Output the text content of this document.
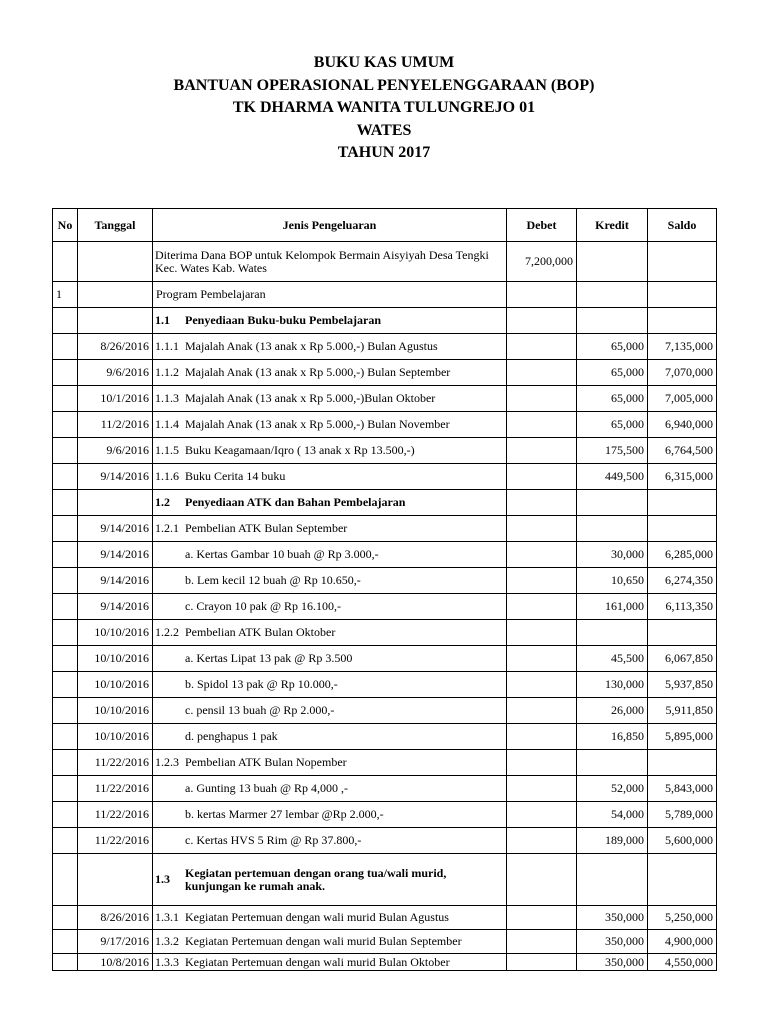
BUKU KAS UMUM
BANTUAN OPERASIONAL PENYELENGGARAAN (BOP)
TK DHARMA WANITA TULUNGREJO 01
WATES
TAHUN 2017
No	Tanggal	Jenis Pengeluaran	Debet	Kredit	Saldo

		Diterima Dana BOP untuk Kelompok Bermain Aisyiyah Desa Tengki Kec. Wates Kab. Wates	7,200,000		
1		Program Pembelajaran			

		1.1 Penyediaan Buku-buku Pembelajaran			

	8/26/2016	1.1.1 Majalah Anak (13 anak x Rp 5.000,-) Bulan Agustus		65,000	7,135,000
	9/6/2016	1.1.2 Majalah Anak (13 anak x Rp 5.000,-) Bulan September		65,000	7,070,000
	10/1/2016	1.1.3 Majalah Anak (13 anak x Rp 5.000,-)Bulan Oktober		65,000	7,005,000
	11/2/2016	1.1.4 Majalah Anak (13 anak x Rp 5.000,-) Bulan November		65,000	6,940,000
	9/6/2016	1.1.5 Buku Keagamaan/Iqro ( 13 anak x Rp 13.500,-)		175,500	6,764,500
	9/14/2016	1.1.6 Buku Cerita 14 buku		449,500	6,315,000

		1.2 Penyediaan ATK dan Bahan Pembelajaran			

	9/14/2016	1.2.1 Pembelian ATK Bulan September			

	9/14/2016	a. Kertas Gambar 10 buah @ Rp 3.000,-		30,000	6,285,000
	9/14/2016	b. Lem kecil 12 buah @ Rp 10.650,-		10,650	6,274,350
	9/14/2016	c. Crayon 10 pak @ Rp 16.100,-		161,000	6,113,350
	10/10/2016	1.2.2 Pembelian ATK Bulan Oktober			

	10/10/2016	a. Kertas Lipat 13 pak @ Rp 3.500		45,500	6,067,850
	10/10/2016	b. Spidol 13 pak @ Rp 10.000,-		130,000	5,937,850
	10/10/2016	c. pensil 13 buah @ Rp 2.000,-		26,000	5,911,850
	10/10/2016	d. penghapus 1 pak		16,850	5,895,000
	11/22/2016	1.2.3 Pembelian ATK Bulan Nopember			

	11/22/2016	a. Gunting 13 buah @ Rp 4,000 ,-		52,000	5,843,000
	11/22/2016	b. kertas Marmer 27 lembar @Rp 2.000,-		54,000	5,789,000
	11/22/2016	c. Kertas HVS 5 Rim @ Rp 37.800,-		189,000	5,600,000

		1.3 Kegiatan pertemuan dengan orang tua/wali murid, kunjungan ke rumah anak.			

	8/26/2016	1.3.1 Kegiatan Pertemuan dengan wali murid Bulan Agustus		350,000	5,250,000
	9/17/2016	1.3.2 Kegiatan Pertemuan dengan wali murid Bulan September		350,000	4,900,000
	10/8/2016	1.3.3 Kegiatan Pertemuan dengan wali murid Bulan Oktober		350,000	4,550,000
